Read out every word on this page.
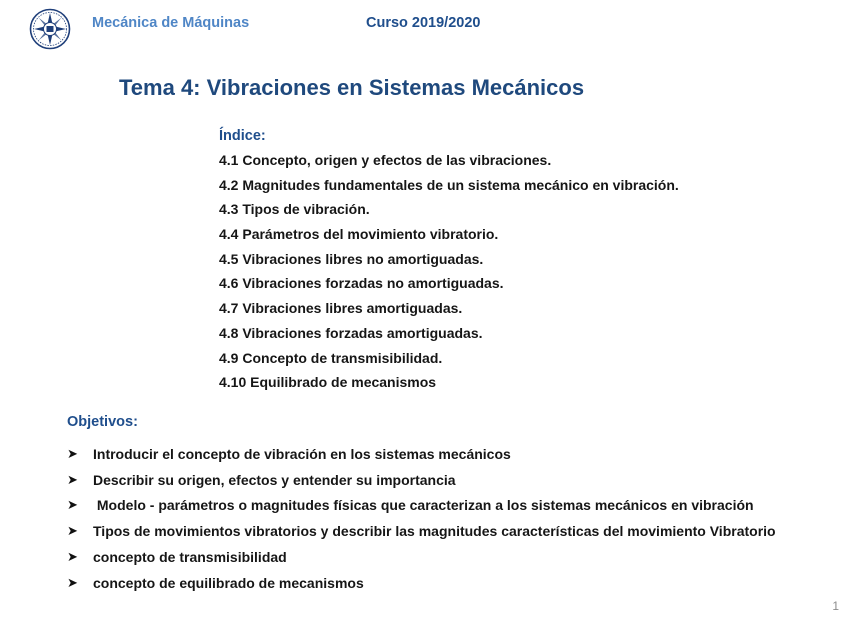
Mecánica de Máquinas	Curso 2019/2020
Tema 4: Vibraciones en Sistemas Mecánicos
Índice:
4.1 Concepto, origen y efectos de las vibraciones.
4.2 Magnitudes fundamentales de un sistema mecánico en vibración.
4.3 Tipos de vibración.
4.4 Parámetros del movimiento vibratorio.
4.5 Vibraciones libres no amortiguadas.
4.6 Vibraciones forzadas no amortiguadas.
4.7 Vibraciones libres amortiguadas.
4.8 Vibraciones forzadas amortiguadas.
4.9 Concepto de transmisibilidad.
4.10 Equilibrado de mecanismos
Objetivos:
➤	Introducir el concepto de vibración en los sistemas mecánicos
➤	Describir su origen, efectos y entender su importancia
➤	Modelo - parámetros o magnitudes físicas que caracterizan a los sistemas mecánicos en vibración
➤	Tipos de movimientos vibratorios y describir las magnitudes características del movimiento Vibratorio
➤	concepto de transmisibilidad
➤	concepto de equilibrado de mecanismos
1
